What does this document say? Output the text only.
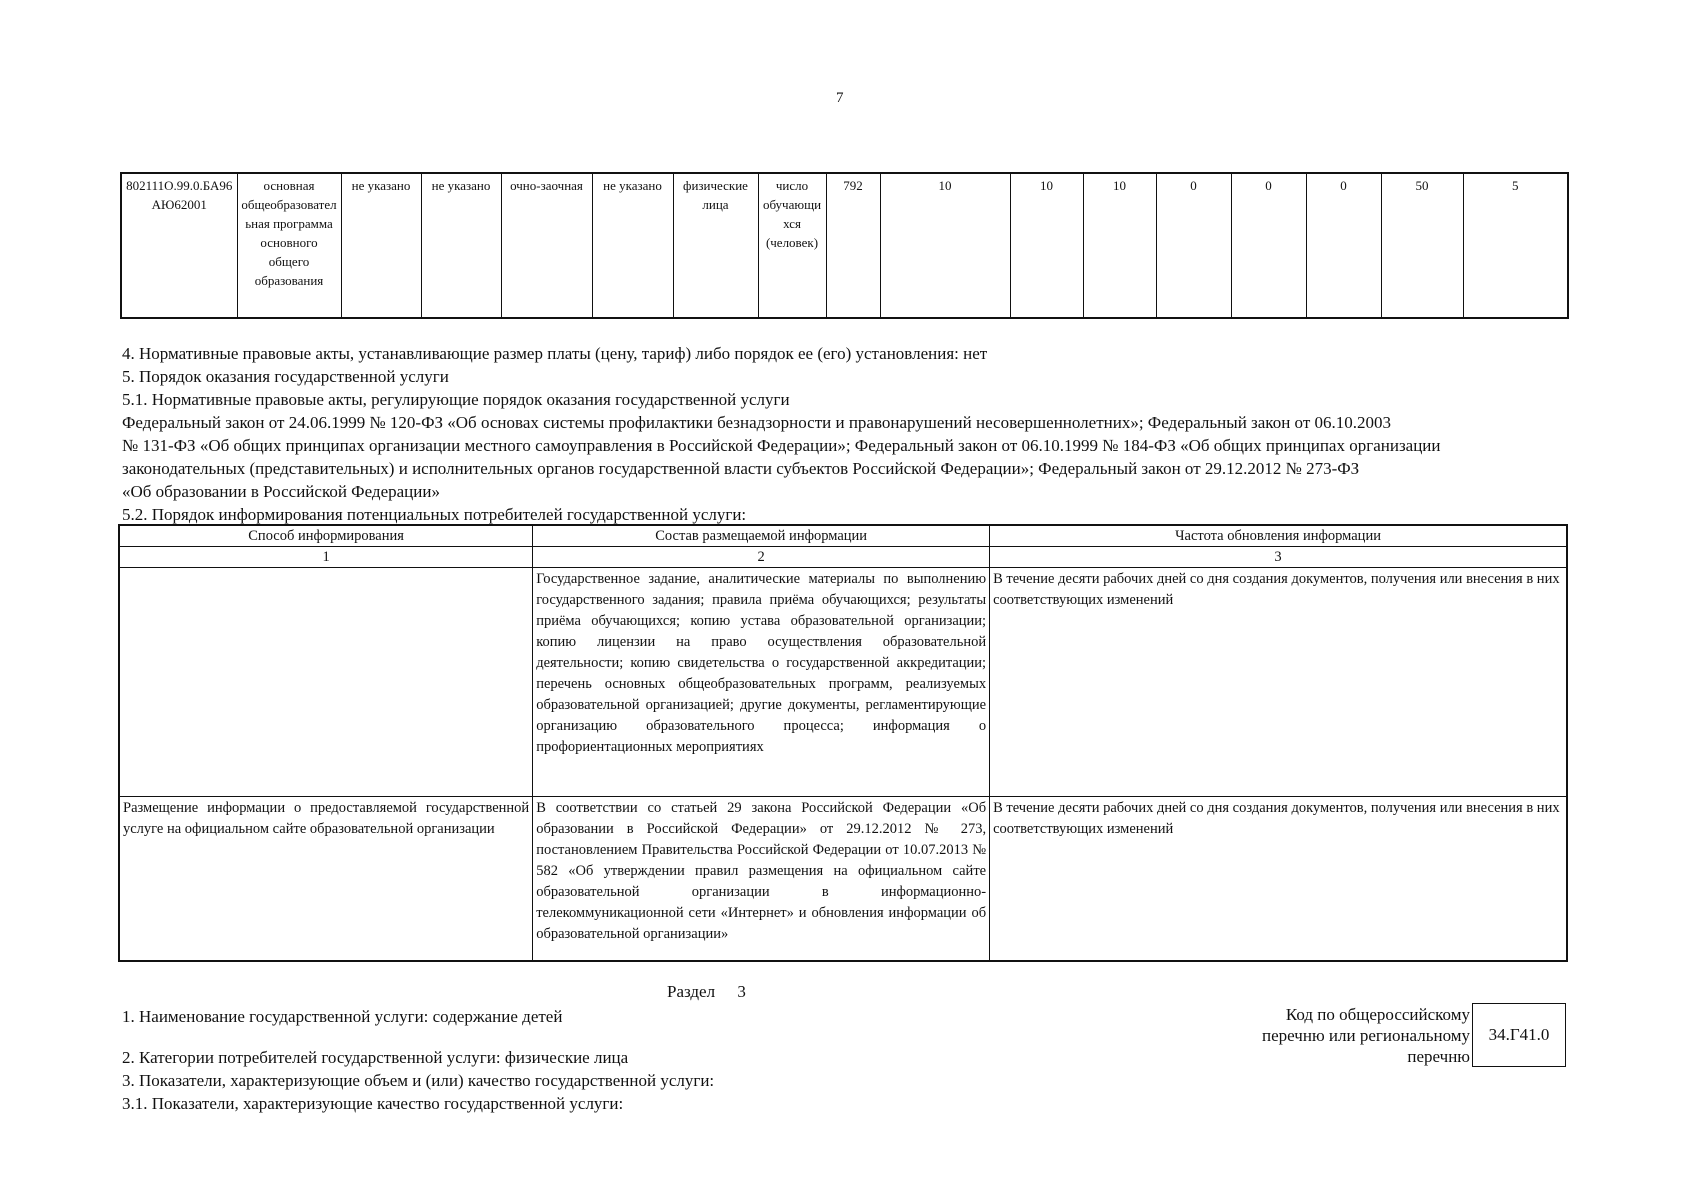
7
802111О.99.0.БА96АЮ62001	основная общеобразовательная программа основного общего образования	не указано	не указано	очно-заочная	не указано	физические лица	число обучающихся (человек)	792	10	10	10	0	0	0	50	5
4. Нормативные правовые акты, устанавливающие размер платы (цену, тариф) либо порядок ее (его) установления: нет
5. Порядок оказания государственной услуги
5.1. Нормативные правовые акты, регулирующие порядок оказания государственной услуги
Федеральный закон от 24.06.1999 № 120-ФЗ «Об основах системы профилактики безнадзорности и правонарушений несовершеннолетних»; Федеральный закон от 06.10.2003
№ 131-ФЗ «Об общих принципах организации местного самоуправления в Российской Федерации»; Федеральный закон от 06.10.1999 № 184-ФЗ «Об общих принципах организации
законодательных (представительных) и исполнительных органов государственной власти субъектов Российской Федерации»; Федеральный закон от 29.12.2012 № 273-ФЗ
«Об образовании в Российской Федерации»
5.2. Порядок информирования потенциальных потребителей государственной услуги:
Способ информирования	Состав размещаемой информации	Частота обновления информации
1	2	3
	Государственное задание, аналитические материалы по выполнению государственного задания; правила приёма обучающихся; результаты приёма обучающихся; копию устава образовательной организации; копию лицензии на право осуществления образовательной деятельности; копию свидетельства о государственной аккредитации; перечень основных общеобразовательных программ, реализуемых образовательной организацией; другие документы, регламентирующие организацию образовательного процесса; информация о профориентационных мероприятиях	В течение десяти рабочих дней со дня создания документов, получения или внесения в них соответствующих изменений
Размещение информации о предоставляемой государственной услуге на официальном сайте образовательной организации	В соответствии со статьей 29 закона Российской Федерации «Об образовании в Российской Федерации» от 29.12.2012 № 273, постановлением Правительства Российской Федерации от 10.07.2013 № 582 «Об утверждении правил размещения на официальном сайте образовательной организации в информационно-телекоммуникационной сети «Интернет» и обновления информации об образовательной организации»	В течение десяти рабочих дней со дня создания документов, получения или внесения в них соответствующих изменений
Раздел 3
1. Наименование государственной услуги: содержание детей
2. Категории потребителей государственной услуги: физические лица
3. Показатели, характеризующие объем и (или) качество государственной услуги:
3.1. Показатели, характеризующие качество государственной услуги:
Код по общероссийскому перечню или региональному перечню
34.Г41.0
